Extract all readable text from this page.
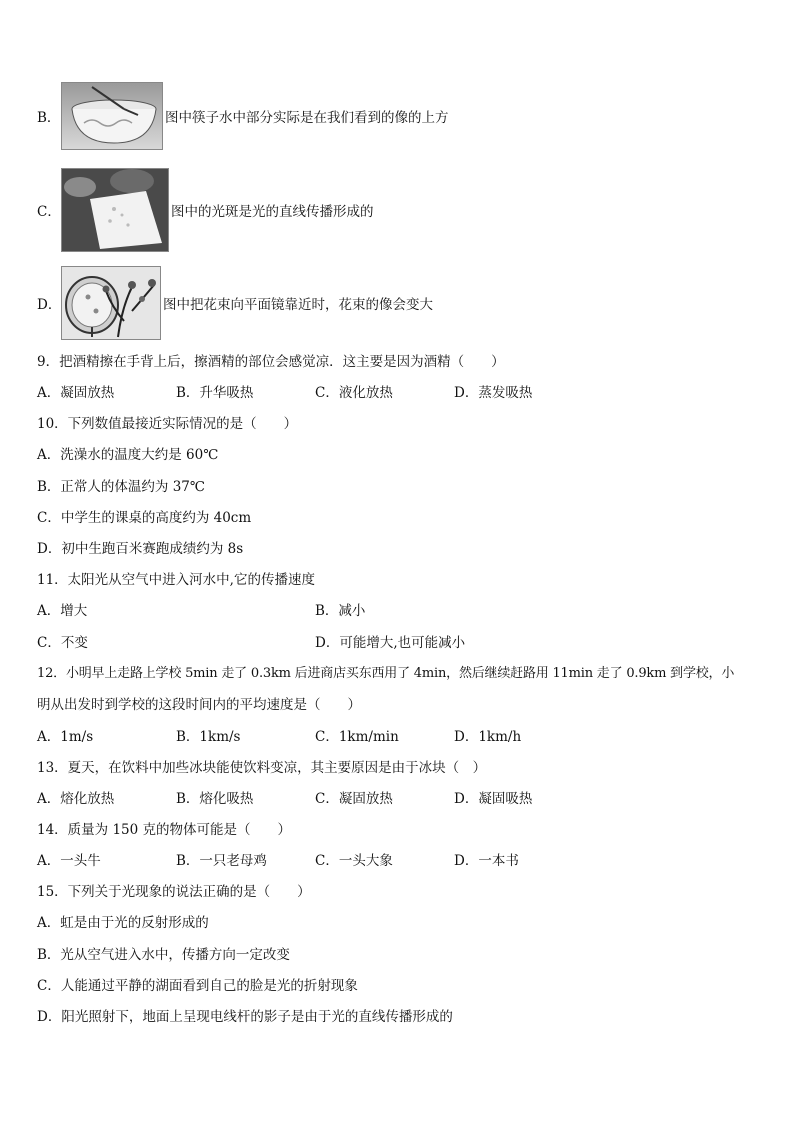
B．	图中筷子水中部分实际是在我们看到的像的上方
C．	图中的光斑是光的直线传播形成的
D．	图中把花束向平面镜靠近时，花束的像会变大
9．把酒精擦在手背上后，擦酒精的部位会感觉凉．这主要是因为酒精（　　）
A．凝固放热	B．升华吸热	C．液化放热	D．蒸发吸热
10．下列数值最接近实际情况的是（　　）
A．洗澡水的温度大约是 60℃
B．正常人的体温约为 37℃
C．中学生的课桌的高度约为 40cm
D．初中生跑百米赛跑成绩约为 8s
11．太阳光从空气中进入河水中,它的传播速度
A．增大	B．减小
C．不变	D．可能增大,也可能减小
12．小明早上走路上学校 5min 走了 0.3km 后进商店买东西用了 4min，然后继续赶路用 11min 走了 0.9km 到学校，小
明从出发时到学校的这段时间内的平均速度是（　　）
A．1m/s	B．1km/s	C．1km/min	D．1km/h
13．夏天，在饮料中加些冰块能使饮料变凉，其主要原因是由于冰块（　）
A．熔化放热	B．熔化吸热	C．凝固放热	D．凝固吸热
14．质量为 150 克的物体可能是（　　）
A．一头牛	B．一只老母鸡	C．一头大象	D．一本书
15．下列关于光现象的说法正确的是（　　）
A．虹是由于光的反射形成的
B．光从空气进入水中，传播方向一定改变
C．人能通过平静的湖面看到自己的脸是光的折射现象
D．阳光照射下，地面上呈现电线杆的影子是由于光的直线传播形成的
